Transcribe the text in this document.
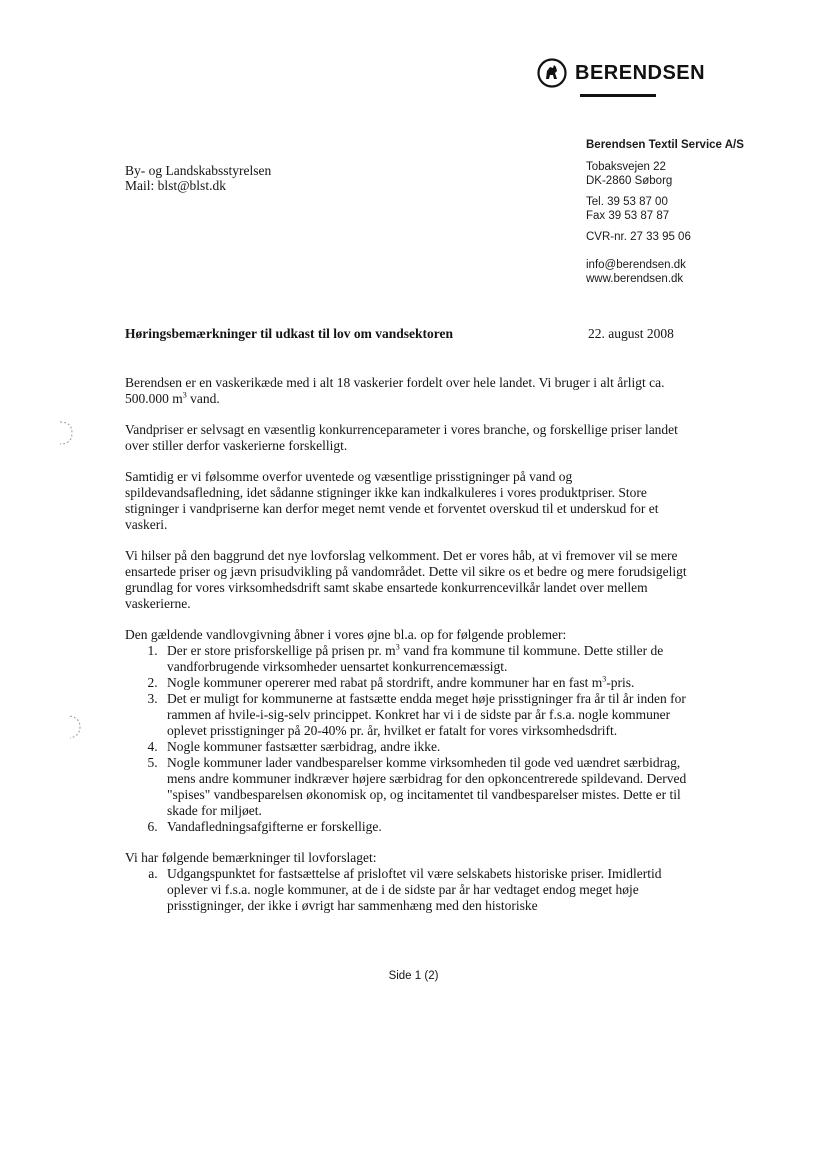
BERENDSEN
Berendsen Textil Service A/S
Tobaksvejen 22
DK-2860 Søborg
Tel. 39 53 87 00
Fax 39 53 87 87
CVR-nr. 27 33 95 06
info@berendsen.dk
www.berendsen.dk
By- og Landskabsstyrelsen
Mail: blst@blst.dk
Høringsbemærkninger til udkast til lov om vandsektoren	22. august 2008

Berendsen er en vaskerikæde med i alt 18 vaskerier fordelt over hele landet. Vi bruger i alt årligt ca. 500.000 $m^3$ vand.

Vandpriser er selvsagt en væsentlig konkurrenceparameter i vores branche, og forskellige priser landet over stiller derfor vaskerierne forskelligt.

Samtidig er vi følsomme overfor uventede og væsentlige prisstigninger på vand og spildevandsafledning, idet sådanne stigninger ikke kan indkalkuleres i vores produktpriser. Store stigninger i vandpriserne kan derfor meget nemt vende et forventet overskud til et underskud for et vaskeri.

Vi hilser på den baggrund det nye lovforslag velkomment. Det er vores håb, at vi fremover vil se mere ensartede priser og jævn prisudvikling på vandområdet. Dette vil sikre os et bedre og mere forudsigeligt grundlag for vores virksomhedsdrift samt skabe ensartede konkurrencevilkår landet over mellem vaskerierne.

Den gældende vandlovgivning åbner i vores øjne bl.a. op for følgende problemer:

1. Der er store prisforskellige på prisen pr. $m^3$ vand fra kommune til kommune. Dette stiller de vandforbrugende virksomheder uensartet konkurrencemæssigt.
2. Nogle kommuner opererer med rabat på stordrift, andre kommuner har en fast $m^3$-pris.
3. Det er muligt for kommunerne at fastsætte endda meget høje prisstigninger fra år til år inden for rammen af hvile-i-sig-selv princippet. Konkret har vi i de sidste par år f.s.a. nogle kommuner oplevet prisstigninger på 20-40% pr. år, hvilket er fatalt for vores virksomhedsdrift.
4. Nogle kommuner fastsætter særbidrag, andre ikke.
5. Nogle kommuner lader vandbesparelser komme virksomheden til gode ved uændret særbidrag, mens andre kommuner indkræver højere særbidrag for den opkoncentrerede spildevand. Derved "spises" vandbesparelsen økonomisk op, og incitamentet til vandbesparelser mistes. Dette er til skade for miljøet.
6. Vandafledningsafgifterne er forskellige.

Vi har følgende bemærkninger til lovforslaget:

a. Udgangspunktet for fastsættelse af prisloftet vil være selskabets historiske priser. Imidlertid oplever vi f.s.a. nogle kommuner, at de i de sidste par år har vedtaget endog meget høje prisstigninger, der ikke i øvrigt har sammenhæng med den historiske
Side 1 (2)
